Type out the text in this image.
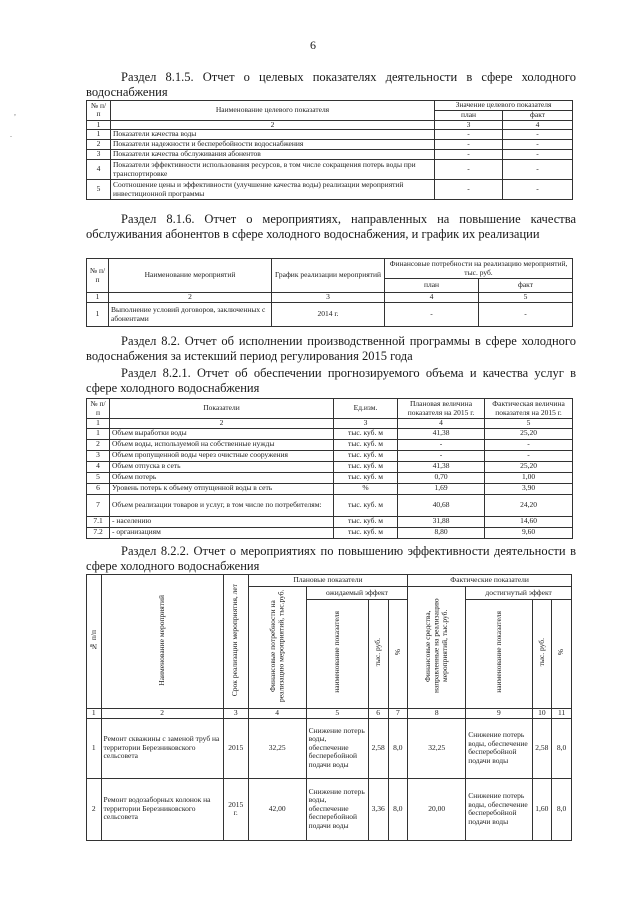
6
,
.
Раздел 8.1.5. Отчет о целевых показателях деятельности в сфере холодного водоснабжения
№ п/п	Наименование целевого показателя	Значение целевого показателя	
		план	факт
1	2	3	4
1	Показатели качества воды	-	-
2	Показатели надежности и бесперебойности водоснабжения	-	-
3	Показатели качества обслуживания абонентов	-	-
4	Показатели эффективности использования ресурсов, в том числе сокращения потерь воды при транспортировке	-	-
5	Соотношение цены и эффективности (улучшение качества воды) реализации мероприятий инвестиционной программы	-	-
Раздел 8.1.6. Отчет о мероприятиях, направленных на повышение качества обслуживания абонентов в сфере холодного водоснабжения, и график их реализации
№ п/п	Наименование мероприятий	График реализации мероприятий	Финансовые потребности на реализацию мероприятий, тыс. руб.	
			план	факт
1	2	3	4	5
1	Выполнение условий договоров, заключенных с абонентами	2014 г.	-	-
Раздел 8.2. Отчет об исполнении производственной программы в сфере холодного водоснабжения за истекший период регулирования 2015 года
Раздел 8.2.1. Отчет об обеспечении прогнозируемого объема и качества услуг в сфере холодного водоснабжения
№ п/п	Показатели	Ед.изм.	Плановая величина показателя на 2015 г.	Фактическая величина показателя на 2015 г.
1	2	3	4	5
1	Объем выработки воды	тыс. куб. м	41,38	25,20
2	Объем воды, используемой на собственные нужды	тыс. куб. м	-	-
3	Объем пропущенной воды через очистные сооружения	тыс. куб. м	-	-
4	Объем отпуска в сеть	тыс. куб. м	41,38	25,20
5	Объем потерь	тыс. куб. м	0,70	1,00
6	Уровень потерь к объему отпущенной воды в сеть	%	1,69	3,90
7	Объем реализации товаров и услуг, в том числе по потребителям:	тыс. куб. м	40,68	24,20
7.1	- населению	тыс. куб. м	31,88	14,60
7.2	- организациям	тыс. куб. м	8,80	9,60
Раздел 8.2.2. Отчет о мероприятиях по повышению эффективности деятельности в сфере холодного водоснабжения
№ п/п	Наименование мероприятий	Срок реализации мероприятия, лет	Плановые показатели				Фактические показатели			
			Финансовые потребности на реализацию мероприятий, тыс.руб.	ожидаемый эффект			Финансовые средства, направленные на реализацию мероприятий, тыс.руб.	достигнутый эффект		
				наименование показателя	тыс. руб.	%		наименование показателя	тыс. руб.	%
1	2	3	4	5	6	7	8	9	10	11
1	Ремонт скважины с заменой труб на территории Березниковского сельсовета	2015	32,25	Снижение потерь воды, обеспечение бесперебойной подачи воды	2,58	8,0	32,25	Снижение потерь воды, обеспечение бесперебойной подачи воды	2,58	8,0
2	Ремонт водозаборных колонок на территории Березниковского сельсовета	2015 г.	42,00	Снижение потерь воды, обеспечение бесперебойной подачи воды	3,36	8,0	20,00	Снижение потерь воды, обеспечение бесперебойной подачи воды	1,60	8,0
